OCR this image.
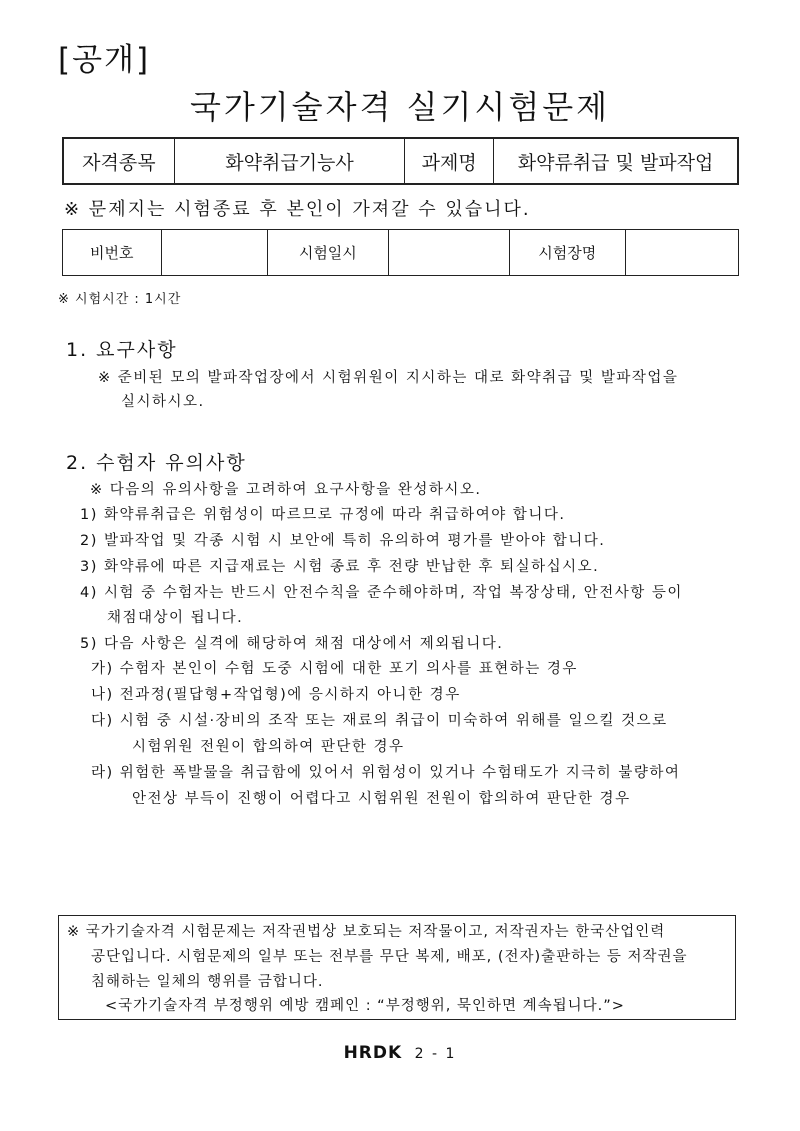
[공개]
국가기술자격 실기시험문제
자격종목	화약취급기능사	과제명	화약류취급 및 발파작업
※ 문제지는 시험종료 후 본인이 가져갈 수 있습니다.
비번호		시험일시		시험장명	
※ 시험시간 : 1시간
1. 요구사항
※ 준비된 모의 발파작업장에서 시험위원이 지시하는 대로 화약취급 및 발파작업을
실시하시오.
2. 수험자 유의사항
※ 다음의 유의사항을 고려하여 요구사항을 완성하시오.
1) 화약류취급은 위험성이 따르므로 규정에 따라 취급하여야 합니다.
2) 발파작업 및 각종 시험 시 보안에 특히 유의하여 평가를 받아야 합니다.
3) 화약류에 따른 지급재료는 시험 종료 후 전량 반납한 후 퇴실하십시오.
4) 시험 중 수험자는 반드시 안전수칙을 준수해야하며, 작업 복장상태, 안전사항 등이
채점대상이 됩니다.
5) 다음 사항은 실격에 해당하여 채점 대상에서 제외됩니다.
가) 수험자 본인이 수험 도중 시험에 대한 포기 의사를 표현하는 경우
나) 전과정(필답형+작업형)에 응시하지 아니한 경우
다) 시험 중 시설·장비의 조작 또는 재료의 취급이 미숙하여 위해를 일으킬 것으로
시험위원 전원이 합의하여 판단한 경우
라) 위험한 폭발물을 취급함에 있어서 위험성이 있거나 수험태도가 지극히 불량하여
안전상 부득이 진행이 어렵다고 시험위원 전원이 합의하여 판단한 경우
※ 국가기술자격 시험문제는 저작권법상 보호되는 저작물이고, 저작권자는 한국산업인력
공단입니다. 시험문제의 일부 또는 전부를 무단 복제, 배포, (전자)출판하는 등 저작권을
침해하는 일체의 행위를 금합니다.
<국가기술자격 부정행위 예방 캠페인 : “부정행위, 묵인하면 계속됩니다.”>
HRDK 2 - 1
